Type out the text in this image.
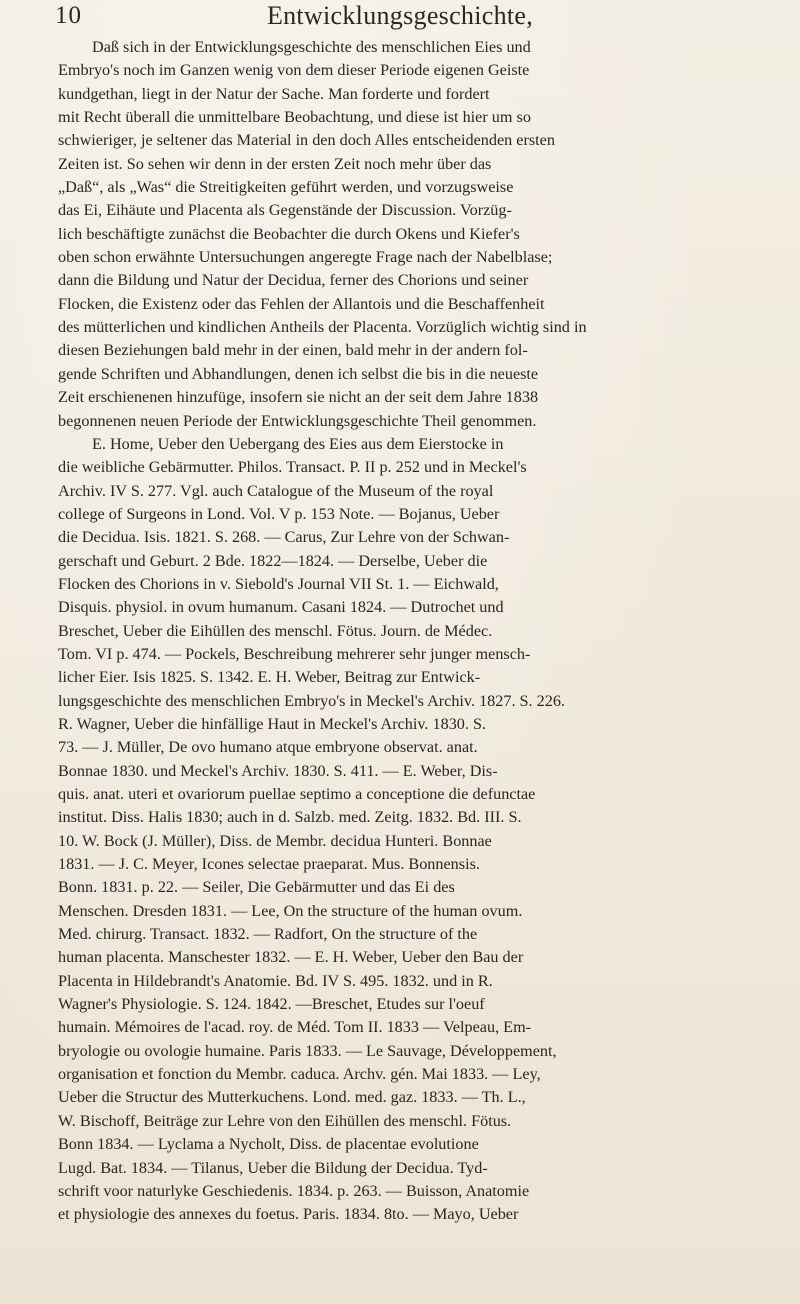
10	Entwicklungsgeschichte,
Daß sich in der Entwicklungsgeschichte des menschlichen Eies und
Embryo's noch im Ganzen wenig von dem dieser Periode eigenen Geiste
kundgethan, liegt in der Natur der Sache. Man forderte und fordert
mit Recht überall die unmittelbare Beobachtung, und diese ist hier um so
schwieriger, je seltener das Material in den doch Alles entscheidenden ersten
Zeiten ist. So sehen wir denn in der ersten Zeit noch mehr über das
„Daß“, als „Was“ die Streitigkeiten geführt werden, und vorzugsweise
das Ei, Eihäute und Placenta als Gegenstände der Discussion. Vorzüg-
lich beschäftigte zunächst die Beobachter die durch Okens und Kiefer's
oben schon erwähnte Untersuchungen angeregte Frage nach der Nabelblase;
dann die Bildung und Natur der Decidua, ferner des Chorions und seiner
Flocken, die Existenz oder das Fehlen der Allantois und die Beschaffenheit
des mütterlichen und kindlichen Antheils der Placenta. Vorzüglich wichtig sind in
diesen Beziehungen bald mehr in der einen, bald mehr in der andern fol-
gende Schriften und Abhandlungen, denen ich selbst die bis in die neueste
Zeit erschienenen hinzufüge, insofern sie nicht an der seit dem Jahre 1838
begonnenen neuen Periode der Entwicklungsgeschichte Theil genommen.
E. Home, Ueber den Uebergang des Eies aus dem Eierstocke in
die weibliche Gebärmutter. Philos. Transact. P. II p. 252 und in Meckel's
Archiv. IV S. 277. Vgl. auch Catalogue of the Museum of the royal
college of Surgeons in Lond. Vol. V p. 153 Note. — Bojanus, Ueber
die Decidua. Isis. 1821. S. 268. — Carus, Zur Lehre von der Schwan-
gerschaft und Geburt. 2 Bde. 1822—1824. — Derselbe, Ueber die
Flocken des Chorions in v. Siebold's Journal VII St. 1. — Eichwald,
Disquis. physiol. in ovum humanum. Casani 1824. — Dutrochet und
Breschet, Ueber die Eihüllen des menschl. Fötus. Journ. de Médec.
Tom. VI p. 474. — Pockels, Beschreibung mehrerer sehr junger mensch-
licher Eier. Isis 1825. S. 1342. E. H. Weber, Beitrag zur Entwick-
lungsgeschichte des menschlichen Embryo's in Meckel's Archiv. 1827. S. 226.
R. Wagner, Ueber die hinfällige Haut in Meckel's Archiv. 1830. S.
73. — J. Müller, De ovo humano atque embryone observat. anat.
Bonnae 1830. und Meckel's Archiv. 1830. S. 411. — E. Weber, Dis-
quis. anat. uteri et ovariorum puellae septimo a conceptione die defunctae
institut. Diss. Halis 1830; auch in d. Salzb. med. Zeitg. 1832. Bd. III. S.
10. W. Bock (J. Müller), Diss. de Membr. decidua Hunteri. Bonnae
1831. — J. C. Meyer, Icones selectae praeparat. Mus. Bonnensis.
Bonn. 1831. p. 22. — Seiler, Die Gebärmutter und das Ei des
Menschen. Dresden 1831. — Lee, On the structure of the human ovum.
Med. chirurg. Transact. 1832. — Radfort, On the structure of the
human placenta. Manschester 1832. — E. H. Weber, Ueber den Bau der
Placenta in Hildebrandt's Anatomie. Bd. IV S. 495. 1832. und in R.
Wagner's Physiologie. S. 124. 1842. —Breschet, Etudes sur l'oeuf
humain. Mémoires de l'acad. roy. de Méd. Tom II. 1833 — Velpeau, Em-
bryologie ou ovologie humaine. Paris 1833. — Le Sauvage, Développement,
organisation et fonction du Membr. caduca. Archv. gén. Mai 1833. — Ley,
Ueber die Structur des Mutterkuchens. Lond. med. gaz. 1833. — Th. L.,
W. Bischoff, Beiträge zur Lehre von den Eihüllen des menschl. Fötus.
Bonn 1834. — Lyclama a Nycholt, Diss. de placentae evolutione
Lugd. Bat. 1834. — Tilanus, Ueber die Bildung der Decidua. Tyd-
schrift voor naturlyke Geschiedenis. 1834. p. 263. — Buisson, Anatomie
et physiologie des annexes du foetus. Paris. 1834. 8to. — Mayo, Ueber
